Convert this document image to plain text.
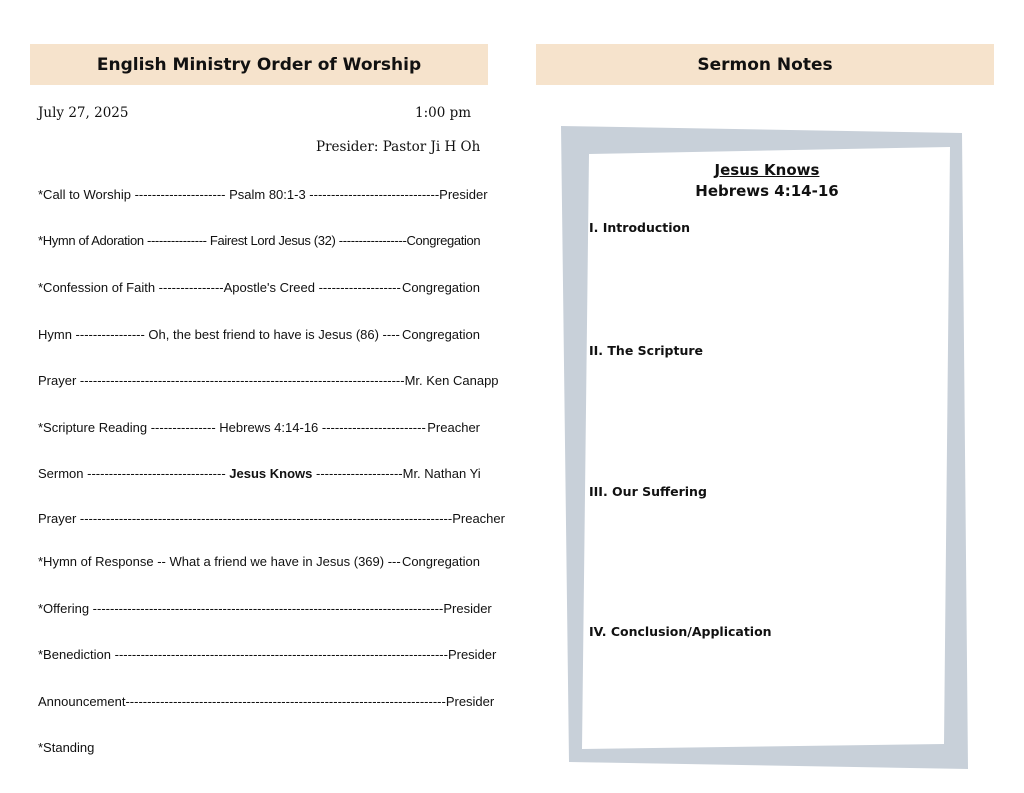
English Ministry Order of Worship
July 27, 2025	1:00 pm
Presider: Pastor Ji H Oh
*Call to Worship --------------------- Psalm 80:1-3 ------------------------------ Presider
*Hymn of Adoration --------------- Fairest Lord Jesus (32) ----------------- Congregation
*Confession of Faith ---------------Apostle's Creed ------------------- Congregation
Hymn ---------------- Oh, the best friend to have is Jesus (86) ---- Congregation
Prayer --------------------------------------------------------------------------- Mr. Ken Canapp
*Scripture Reading --------------- Hebrews 4:14-16 ------------------------ Preacher
Sermon -------------------------------- Jesus Knows -------------------- Mr. Nathan Yi
Prayer -------------------------------------------------------------------------------------- Preacher
*Hymn of Response -- What a friend we have in Jesus (369) --- Congregation
*Offering --------------------------------------------------------------------------------- Presider
*Benediction ----------------------------------------------------------------------------- Presider
Announcement-------------------------------------------------------------------------- Presider
*Standing
Sermon Notes
Jesus Knows
Hebrews 4:14-16
I. Introduction
II. The Scripture
III. Our Suffering
IV. Conclusion/Application
